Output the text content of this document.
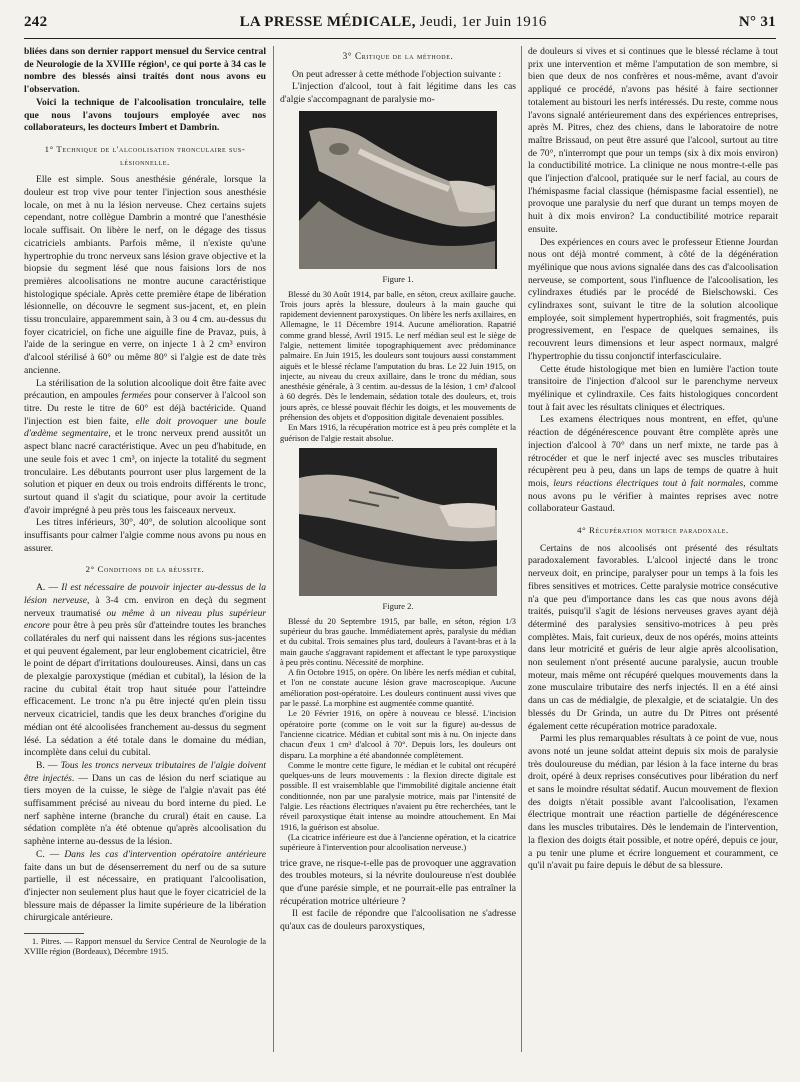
242	LA PRESSE MÉDICALE, Jeudi, 1er Juin 1916	N° 31

bliées dans son dernier rapport mensuel du Service central de Neurologie de la XVIIIe région¹, ce qui porte à 34 cas le nombre des blessés ainsi traités dont nous avons eu l'observation.

Voici la technique de l'alcoolisation tronculaire, telle que nous l'avons toujours employée avec nos collaborateurs, les docteurs Imbert et Dambrin.

1° Technique de l'alcoolisation tronculaire sus-lésionnelle.

Elle est simple. Sous anesthésie générale, lorsque la douleur est trop vive pour tenter l'injection sous anesthésie locale, on met à nu la lésion nerveuse. Chez certains sujets cependant, notre collègue Dambrin a montré que l'anesthésie locale suffisait. On libère le nerf, on le dégage des tissus cicatriciels ambiants. Parfois même, il n'existe qu'une hypertrophie du tronc nerveux sans lésion grave objective et la biopsie du segment lésé que nous faisions lors de nos premières alcoolisations ne montre aucune caractéristique histologique spéciale. Après cette première étape de libération lésionnelle, on découvre le segment sus-jacent, et, en plein tissu tronculaire, apparemment sain, à 3 ou 4 cm. au-dessus du foyer cicatriciel, on fiche une aiguille fine de Pravaz, puis, à l'aide de la seringue en verre, on injecte 1 à 2 cm³ environ d'alcool stérilisé à 60° ou même 80° si l'algie est de date très ancienne.

La stérilisation de la solution alcoolique doit être faite avec précaution, en ampoules fermées pour conserver à l'alcool son titre. Du reste le titre de 60° est déjà bactéricide. Quand l'injection est bien faite, elle doit provoquer une boule d'œdème segmentaire, et le tronc nerveux prend aussitôt un aspect blanc nacré caractéristique. Avec un peu d'habitude, en une seule fois et avec 1 cm³, on injecte la totalité du segment tronculaire. Les débutants pourront user plus largement de la solution et piquer en deux ou trois endroits différents le tronc, surtout quand il s'agit du sciatique, pour avoir la certitude d'avoir imprégné à peu près tous les faisceaux nerveux.

Les titres inférieurs, 30°, 40°, de solution alcoolique sont insuffisants pour calmer l'algie comme nous avons pu nous en assurer.

2° Conditions de la réussite.

A. — Il est nécessaire de pouvoir injecter au-dessus de la lésion nerveuse, à 3-4 cm. environ en deçà du segment nerveux traumatisé ou même à un niveau plus supérieur encore pour être à peu près sûr d'atteindre toutes les branches collatérales du nerf qui naissent dans les régions sus-jacentes et qui peuvent également, par leur englobement cicatriciel, être le point de départ d'irritations douloureuses. Ainsi, dans un cas de plexalgie paroxystique (médian et cubital), la lésion de la racine du cubital était trop haut située pour l'atteindre efficacement. Le tronc n'a pu être injecté qu'en plein tissu nerveux cicatriciel, tandis que les deux branches d'origine du médian ont été alcoolisées franchement au-dessus du segment lésé. La sédation a été totale dans le domaine du médian, incomplète dans celui du cubital.

B. — Tous les troncs nerveux tributaires de l'algie doivent être injectés. — Dans un cas de lésion du nerf sciatique au tiers moyen de la cuisse, le siège de l'algie n'avait pas été suffisamment précisé au niveau du bord interne du pied. Le nerf saphène interne (branche du crural) était en cause. La sédation complète n'a été obtenue qu'après alcoolisation du saphène interne au-dessus de la lésion.

C. — Dans les cas d'intervention opératoire antérieure faite dans un but de désenserrement du nerf ou de sa suture partielle, il est nécessaire, en pratiquant l'alcoolisation, d'injecter non seulement plus haut que le foyer cicatriciel de la blessure mais de dépasser la limite supérieure de la libération chirurgicale antérieure.

1. Pitres. — Rapport mensuel du Service Central de Neurologie de la XVIIIe région (Bordeaux), Décembre 1915.

3° Critique de la méthode.

On peut adresser à cette méthode l'objection suivante :

L'injection d'alcool, tout à fait légitime dans les cas d'algie s'accompagnant de paralysie mo-

Figure 1.

Blessé du 30 Août 1914, par balle, en séton, creux axillaire gauche. Trois jours après la blessure, douleurs à la main gauche qui rapidement deviennent paroxystiques. On libère les nerfs axillaires, en Allemagne, le 11 Décembre 1914. Aucune amélioration. Rapatrié comme grand blessé, Avril 1915. Le nerf médian seul est le siège de l'algie, nettement limitée topographiquement avec prédominance palmaire. En Juin 1915, les douleurs sont toujours aussi constamment aiguës et le blessé réclame l'amputation du bras. Le 22 Juin 1915, on injecte, au niveau du creux axillaire, dans le tronc du médian, sous anesthésie générale, à 3 centim. au-dessus de la lésion, 1 cm³ d'alcool à 60 degrés. Dès le lendemain, sédation totale des douleurs, et, trois jours après, ce blessé pouvait fléchir les doigts, et les mouvements de préhension des objets et d'opposition digitale devenaient possibles.

En Mars 1916, la récupération motrice est à peu près complète et la guérison de l'algie restait absolue.

Figure 2.

Blessé du 20 Septembre 1915, par balle, en séton, région 1/3 supérieur du bras gauche. Immédiatement après, paralysie du médian et du cubital. Trois semaines plus tard, douleurs à l'avant-bras et à la main gauche s'aggravant rapidement et affectant le type paroxystique à peu près continu. Nécessité de morphine.

A fin Octobre 1915, on opère. On libère les nerfs médian et cubital, et l'on ne constate aucune lésion grave macroscopique. Aucune amélioration post-opératoire. Les douleurs continuent aussi vives que par le passé. La morphine est augmentée comme quantité.

Le 20 Février 1916, on opère à nouveau ce blessé. L'incision opératoire porte (comme on le voit sur la figure) au-dessus de l'ancienne cicatrice. Médian et cubital sont mis à nu. On injecte dans chacun d'eux 1 cm³ d'alcool à 70°. Depuis lors, les douleurs ont disparu. La morphine a été abandonnée complètement.

Comme le montre cette figure, le médian et le cubital ont récupéré quelques-uns de leurs mouvements : la flexion directe digitale est possible. Il est vraisemblable que l'immobilité digitale ancienne était conditionnée, non par une paralysie motrice, mais par l'intensité de l'algie. Les réactions électriques n'avaient pu être recherchées, tant le réveil paroxystique était intense au moindre attouchement. En Mai 1916, la guérison est absolue.

(La cicatrice inférieure est due à l'ancienne opération, et la cicatrice supérieure à l'intervention pour alcoolisation nerveuse.)

trice grave, ne risque-t-elle pas de provoquer une aggravation des troubles moteurs, si la névrite douloureuse n'est doublée que d'une parésie simple, et ne pourrait-elle pas entraîner la récupération motrice ultérieure ?

Il est facile de répondre que l'alcoolisation ne s'adresse qu'aux cas de douleurs paroxystiques,

de douleurs si vives et si continues que le blessé réclame à tout prix une intervention et même l'amputation de son membre, si bien que deux de nos confrères et nous-même, avant d'avoir appliqué ce procédé, n'avons pas hésité à faire sectionner totalement au bistouri les nerfs intéressés. Du reste, comme nous l'avons signalé antérieurement dans des expériences entreprises, après M. Pitres, chez des chiens, dans le laboratoire de notre maître Brissaud, on peut être assuré que l'alcool, surtout au titre de 70°, n'interrompt que pour un temps (six à dix mois environ) la conductibilité motrice. La clinique ne nous montre-t-elle pas que l'injection d'alcool, pratiquée sur le nerf facial, au cours de l'hémispasme facial classique (hémispasme facial essentiel), ne provoque une paralysie du nerf que durant un temps moyen de huit à dix mois environ? La conductibilité motrice reparait ensuite.

Des expériences en cours avec le professeur Etienne Jourdan nous ont déjà montré comment, à côté de la dégénération myélinique que nous avions signalée dans des cas d'alcoolisation nerveuse, se comportent, sous l'influence de l'alcoolisation, les cylindraxes étudiés par le procédé de Bielschowski. Ces cylindraxes sont, suivant le titre de la solution alcoolique employée, soit simplement hypertrophiés, soit fragmentés, puis progressivement, en l'espace de quelques semaines, ils recouvrent leurs dimensions et leur aspect normaux, malgré l'hypertrophie du tissu conjonctif interfasciculaire.

Cette étude histologique met bien en lumière l'action toute transitoire de l'injection d'alcool sur le parenchyme nerveux myélinique et cylindraxile. Ces faits histologiques concordent tout à fait avec les résultats cliniques et électriques.

Les examens électriques nous montrent, en effet, qu'une réaction de dégénérescence pouvant être complète après une injection d'alcool à 70° dans un nerf mixte, ne tarde pas à rétrocéder et que le nerf injecté avec ses muscles tributaires récupèrent peu à peu, dans un laps de temps de quatre à huit mois, leurs réactions électriques tout à fait normales, comme nous avons pu le vérifier à maintes reprises avec notre collaborateur Gastaud.

4° Récupération motrice paradoxale.

Certains de nos alcoolisés ont présenté des résultats paradoxalement favorables. L'alcool injecté dans le tronc nerveux doit, en principe, paralyser pour un temps à la fois les fibres sensitives et motrices. Cette paralysie motrice consécutive n'a que peu d'importance dans les cas que nous avons déjà traités, puisqu'il s'agit de lésions nerveuses graves ayant déjà déterminé des paralysies sensitivo-motrices à peu près complètes. Mais, fait curieux, deux de nos opérés, moins atteints dans leur motricité et guéris de leur algie après alcoolisation, non seulement n'ont présenté aucune paralysie, aucun trouble moteur, mais même ont récupéré quelques mouvements dans la zone musculaire tributaire des nerfs injectés. Il en a été ainsi dans un cas de médialgie, de plexalgie, et de sciatalgie. Un des blessés du Dr Grinda, un autre du Dr Pitres ont présenté également cette récupération motrice paradoxale.

Parmi les plus remarquables résultats à ce point de vue, nous avons noté un jeune soldat atteint depuis six mois de paralysie très douloureuse du médian, par lésion à la face interne du bras droit, opéré à deux reprises consécutives pour libération du nerf et sans le moindre résultat sédatif. Aucun mouvement de flexion des doigts n'était possible avant l'alcoolisation, l'examen électrique montrait une réaction partielle de dégénérescence dans les muscles tributaires. Dès le lendemain de l'intervention, la flexion des doigts était possible, et notre opéré, depuis ce jour, a pu tenir une plume et écrire longuement et couramment, ce qu'il n'avait pu faire depuis le début de sa blessure.
